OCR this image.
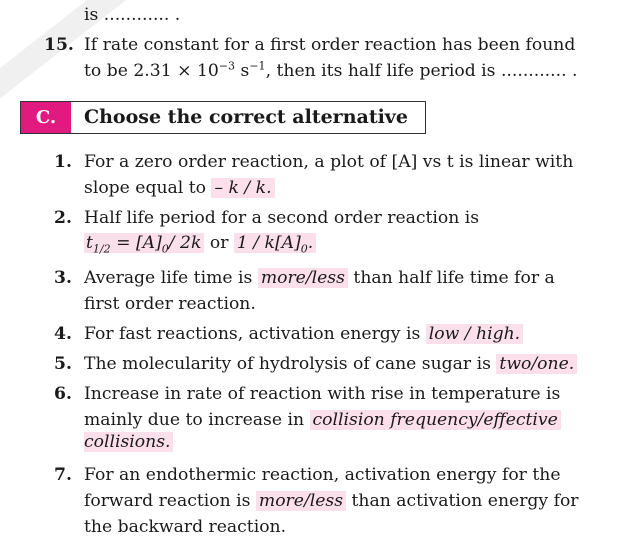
is ............ .
15. If rate constant for a first order reaction has been found
to be $2.31 \times 10^{-3}$ $s^{-1}$, then its half life period is ............ .
C.	Choose the correct alternative
1. For a zero order reaction, a plot of [A] vs t is linear with
slope equal to – k / k.
2. Half life period for a second order reaction is
$t_{1/2} = [A]_0/$ 2k or $1 / k[A]_0$.
3. Average life time is more/less than half life time for a
first order reaction.
4. For fast reactions, activation energy is low / high.
5. The molecularity of hydrolysis of cane sugar is two/one.
6. Increase in rate of reaction with rise in temperature is
mainly due to increase in collision frequency/effective
collisions.
7. For an endothermic reaction, activation energy for the
forward reaction is more/less than activation energy for
the backward reaction.
